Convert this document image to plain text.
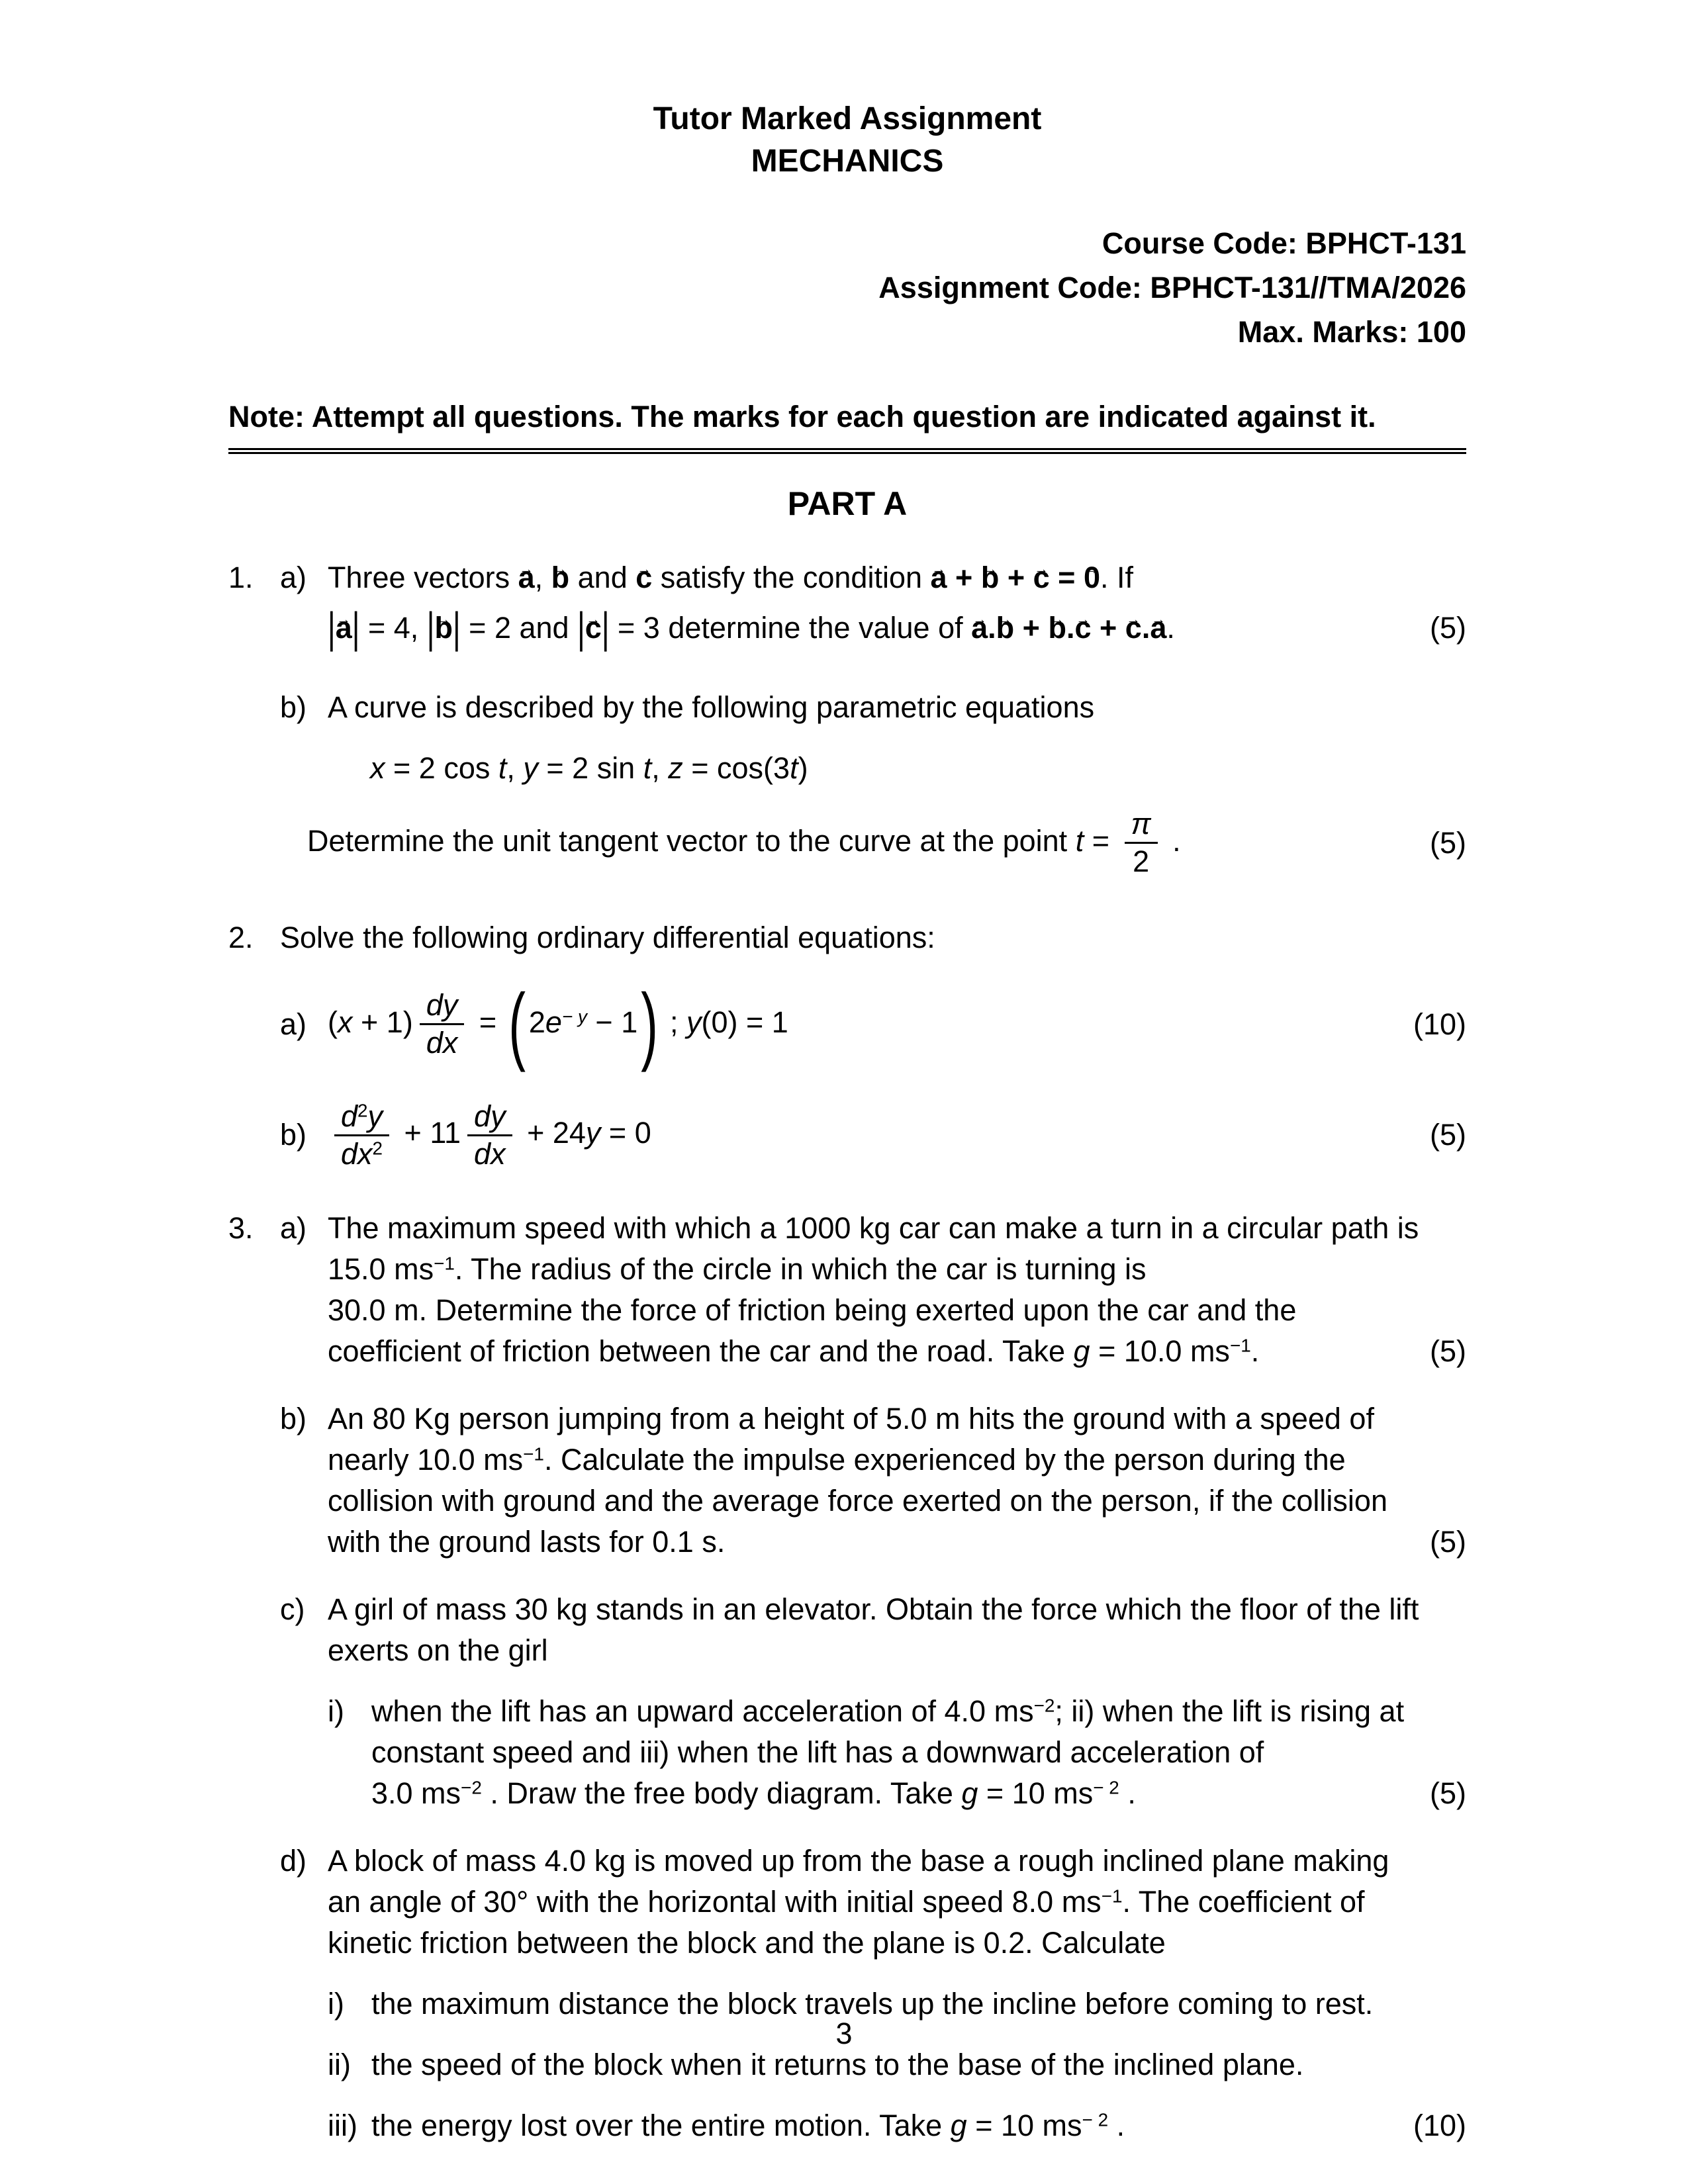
Tutor Marked Assignment
MECHANICS
Course Code: BPHCT-131
Assignment Code: BPHCT-131//TMA/2026
Max. Marks: 100
Note: Attempt all questions. The marks for each question are indicated against it.
PART A
1. a) Three vectors a →, b → and c → satisfy the condition a → + b → + c → = 0 →. If
|a →| = 4, |b →| = 2 and |c →| = 3 determine the value of a →.b → + b →.c → + c →.a →.	(5)
b) A curve is described by the following parametric equations
x = 2 cos t, y = 2 sin t, z = cos(3t)
Determine the unit tangent vector to the curve at the point $t = \frac{\pi}{2}$ .	(5)
2. Solve the following ordinary differential equations:
a) $(x + 1) \frac{dy}{dx}$ = ( $2e^{- y} - 1$) ; y(0) = 1	(10)
$b) \frac{d^2y}{dx^2} + 11 \frac{dy}{dx} + 24y = 0$	(5)
3. a) The maximum speed with which a 1000 kg car can make a turn in a circular path is
15.0 $ms^{-1}$. The radius of the circle in which the car is turning is
30.0 m. Determine the force of friction being exerted upon the car and the
coefficient of friction between the car and the road. Take g = 10.0 $ms^{-1}$.	(5)
b) An 80 Kg person jumping from a height of 5.0 m hits the ground with a speed of
nearly 10.0 $ms^{-1}$. Calculate the impulse experienced by the person during the
collision with ground and the average force exerted on the person, if the collision
with the ground lasts for 0.1 s.	(5)
c) A girl of mass 30 kg stands in an elevator. Obtain the force which the floor of the lift
exerts on the girl
i) when the lift has an upward acceleration of 4.0 $ms^{-2}$; ii) when the lift is rising at
constant speed and iii) when the lift has a downward acceleration of
3.0 $ms^{-2}$ . Draw the free body diagram. Take g = 10 $ms^{- 2}$ .	(5)
d) A block of mass 4.0 kg is moved up from the base a rough inclined plane making
an angle of 30° with the horizontal with initial speed 8.0 $ms^{-1}$. The coefficient of
kinetic friction between the block and the plane is 0.2. Calculate
i) the maximum distance the block travels up the incline before coming to rest.
ii) the speed of the block when it returns to the base of the inclined plane.
iii) the energy lost over the entire motion. Take g = 10 $ms^{- 2}$ .	(10)
3
